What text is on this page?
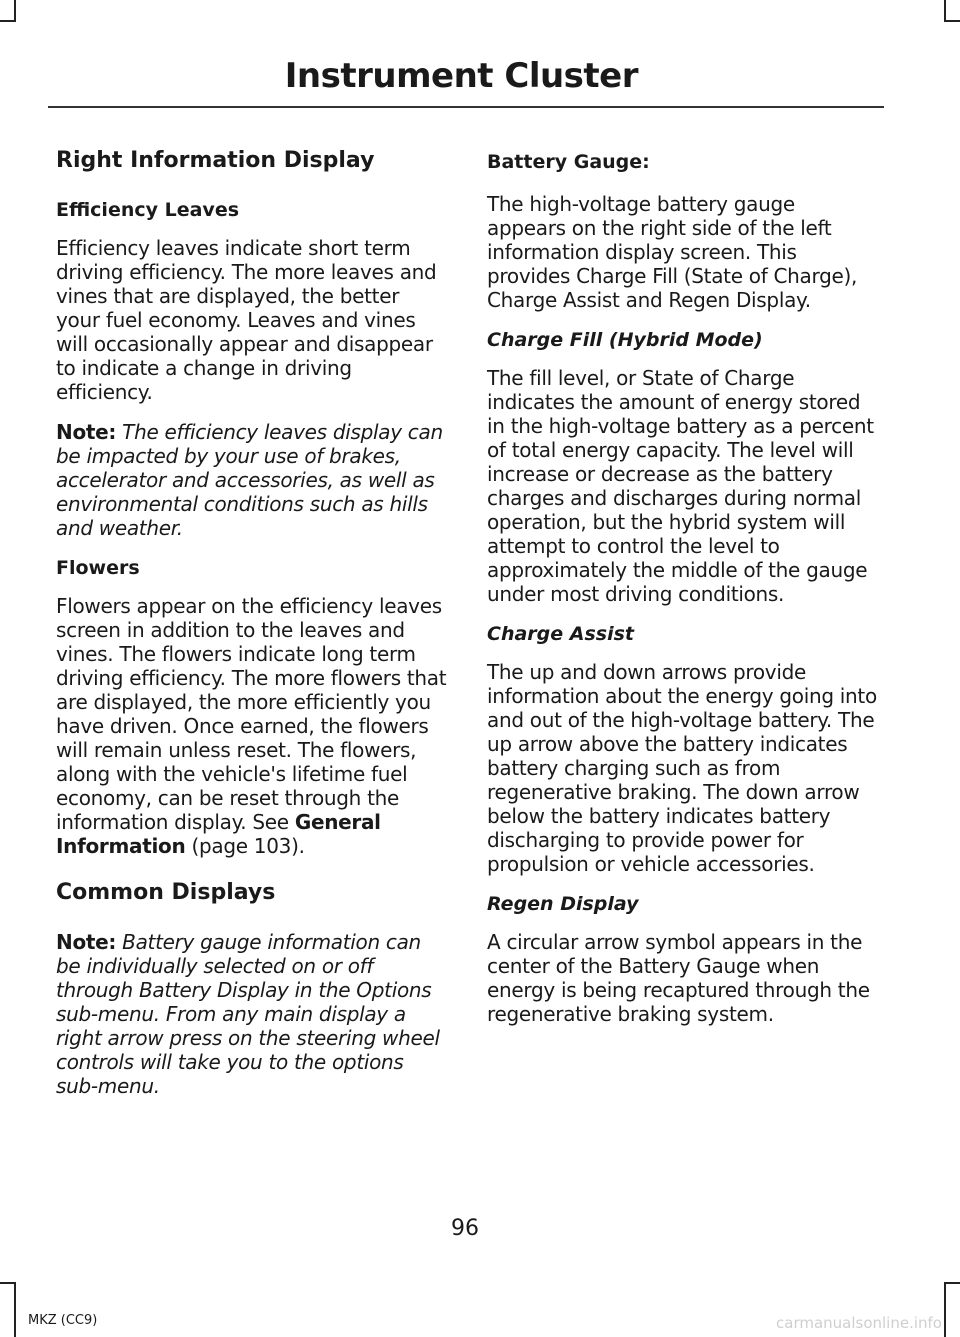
Instrument Cluster
Right Information Display
Efficiency Leaves

Efficiency leaves indicate short term driving efficiency. The more leaves and vines that are displayed, the better your fuel economy. Leaves and vines will occasionally appear and disappear to indicate a change in driving efficiency.

Note: The efficiency leaves display can be impacted by your use of brakes, accelerator and accessories, as well as environmental conditions such as hills and weather.

Flowers

Flowers appear on the efficiency leaves screen in addition to the leaves and vines. The flowers indicate long term driving efficiency. The more flowers that are displayed, the more efficiently you have driven. Once earned, the flowers will remain unless reset. The flowers, along with the vehicle's lifetime fuel economy, can be reset through the information display. See General Information (page 103).

Common Displays

Note: Battery gauge information can be individually selected on or off through Battery Display in the Options sub-menu. From any main display a right arrow press on the steering wheel controls will take you to the options sub-menu.

Battery Gauge:

The high-voltage battery gauge appears on the right side of the left information display screen. This provides Charge Fill (State of Charge), Charge Assist and Regen Display.

Charge Fill (Hybrid Mode)

The fill level, or State of Charge indicates the amount of energy stored in the high-voltage battery as a percent of total energy capacity. The level will increase or decrease as the battery charges and discharges during normal operation, but the hybrid system will attempt to control the level to approximately the middle of the gauge under most driving conditions.

Charge Assist

The up and down arrows provide information about the energy going into and out of the high-voltage battery. The up arrow above the battery indicates battery charging such as from regenerative braking. The down arrow below the battery indicates battery discharging to provide power for propulsion or vehicle accessories.

Regen Display

A circular arrow symbol appears in the center of the Battery Gauge when energy is being recaptured through the regenerative braking system.

96
MKZ (CC9)	carmanualsonline.info
